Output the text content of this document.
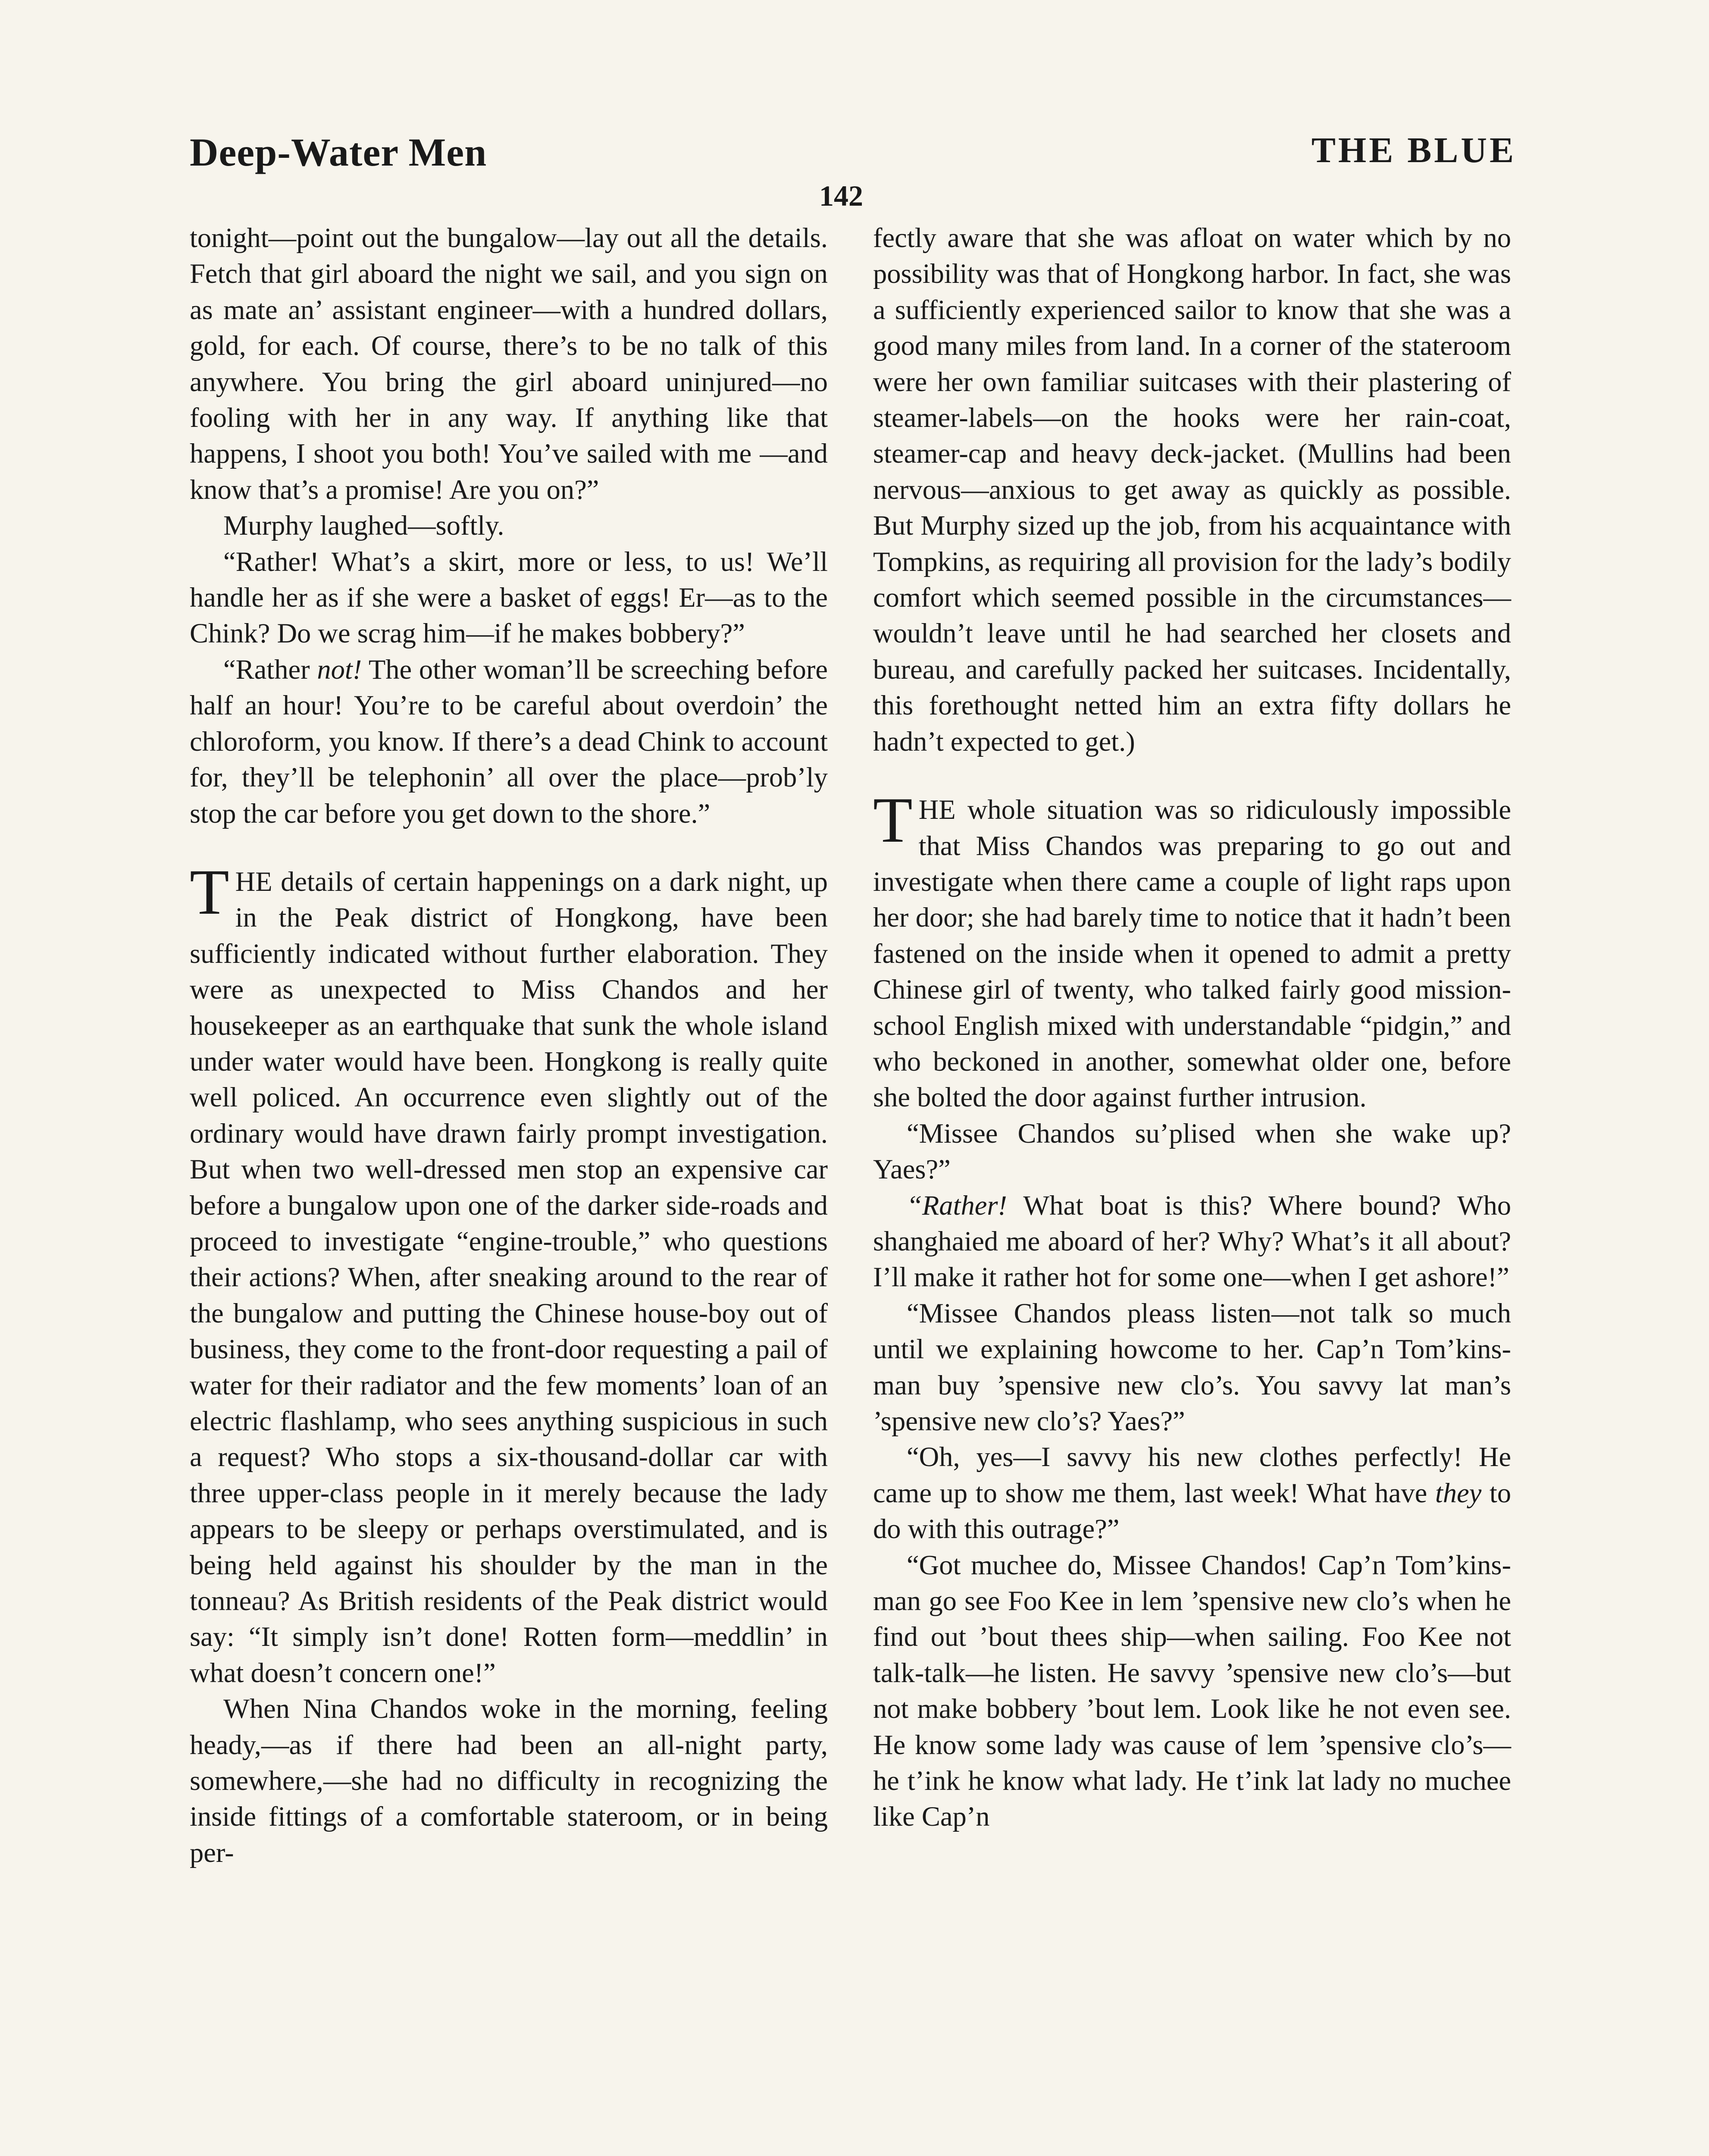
Deep-Water Men	THE BLUE
142

tonight—point out the bungalow—lay out all the details. Fetch that girl aboard the night we sail, and you sign on as mate an’ assistant engineer—with a hundred dollars, gold, for each. Of course, there’s to be no talk of this anywhere. You bring the girl aboard uninjured—no fooling with her in any way. If anything like that happens, I shoot you both! You’ve sailed with me —and know that’s a promise! Are you on?”

Murphy laughed—softly.

“Rather! What’s a skirt, more or less, to us! We’ll handle her as if she were a basket of eggs! Er—as to the Chink? Do we scrag him—if he makes bobbery?”

“Rather not! The other woman’ll be screeching before half an hour! You’re to be careful about overdoin’ the chloroform, you know. If there’s a dead Chink to account for, they’ll be telephonin’ all over the place—prob’ly stop the car before you get down to the shore.”

THE details of certain happenings on a dark night, up in the Peak district of Hongkong, have been sufficiently indicated without further elaboration. They were as unexpected to Miss Chandos and her housekeeper as an earthquake that sunk the whole island under water would have been. Hongkong is really quite well policed. An occurrence even slightly out of the ordinary would have drawn fairly prompt investigation. But when two well-dressed men stop an expensive car before a bungalow upon one of the darker side-roads and proceed to investigate “engine-trouble,” who questions their actions? When, after sneaking around to the rear of the bungalow and putting the Chinese house-boy out of business, they come to the front-door requesting a pail of water for their radiator and the few moments’ loan of an electric flashlamp, who sees anything suspicious in such a request? Who stops a six-thousand-dollar car with three upper-class people in it merely because the lady appears to be sleepy or perhaps overstimulated, and is being held against his shoulder by the man in the tonneau? As British residents of the Peak district would say: “It simply isn’t done! Rotten form—meddlin’ in what doesn’t concern one!”

When Nina Chandos woke in the morning, feeling heady,—as if there had been an all-night party, somewhere,—she had no difficulty in recognizing the inside fittings of a comfortable stateroom, or in being per-

fectly aware that she was afloat on water which by no possibility was that of Hongkong harbor. In fact, she was a sufficiently experienced sailor to know that she was a good many miles from land. In a corner of the stateroom were her own familiar suitcases with their plastering of steamer-labels—on the hooks were her rain-coat, steamer-cap and heavy deck-jacket. (Mullins had been nervous—anxious to get away as quickly as possible. But Murphy sized up the job, from his acquaintance with Tompkins, as requiring all provision for the lady’s bodily comfort which seemed possible in the circumstances—wouldn’t leave until he had searched her closets and bureau, and carefully packed her suitcases. Incidentally, this forethought netted him an extra fifty dollars he hadn’t expected to get.)

THE whole situation was so ridiculously impossible that Miss Chandos was preparing to go out and investigate when there came a couple of light raps upon her door; she had barely time to notice that it hadn’t been fastened on the inside when it opened to admit a pretty Chinese girl of twenty, who talked fairly good mission-school English mixed with understandable “pidgin,” and who beckoned in another, somewhat older one, before she bolted the door against further intrusion.

“Missee Chandos su’plised when she wake up? Yaes?”

“Rather! What boat is this? Where bound? Who shanghaied me aboard of her? Why? What’s it all about? I’ll make it rather hot for some one—when I get ashore!”

“Missee Chandos pleass listen—not talk so much until we explaining howcome to her. Cap’n Tom’kins-man buy ’spensive new clo’s. You savvy lat man’s ’spensive new clo’s? Yaes?”

“Oh, yes—I savvy his new clothes perfectly! He came up to show me them, last week! What have they to do with this outrage?”

“Got muchee do, Missee Chandos! Cap’n Tom’kins-man go see Foo Kee in lem ’spensive new clo’s when he find out ’bout thees ship—when sailing. Foo Kee not talk-talk—he listen. He savvy ’spensive new clo’s—but not make bobbery ’bout lem. Look like he not even see. He know some lady was cause of lem ’spensive clo’s—he t’ink he know what lady. He t’ink lat lady no muchee like Cap’n
